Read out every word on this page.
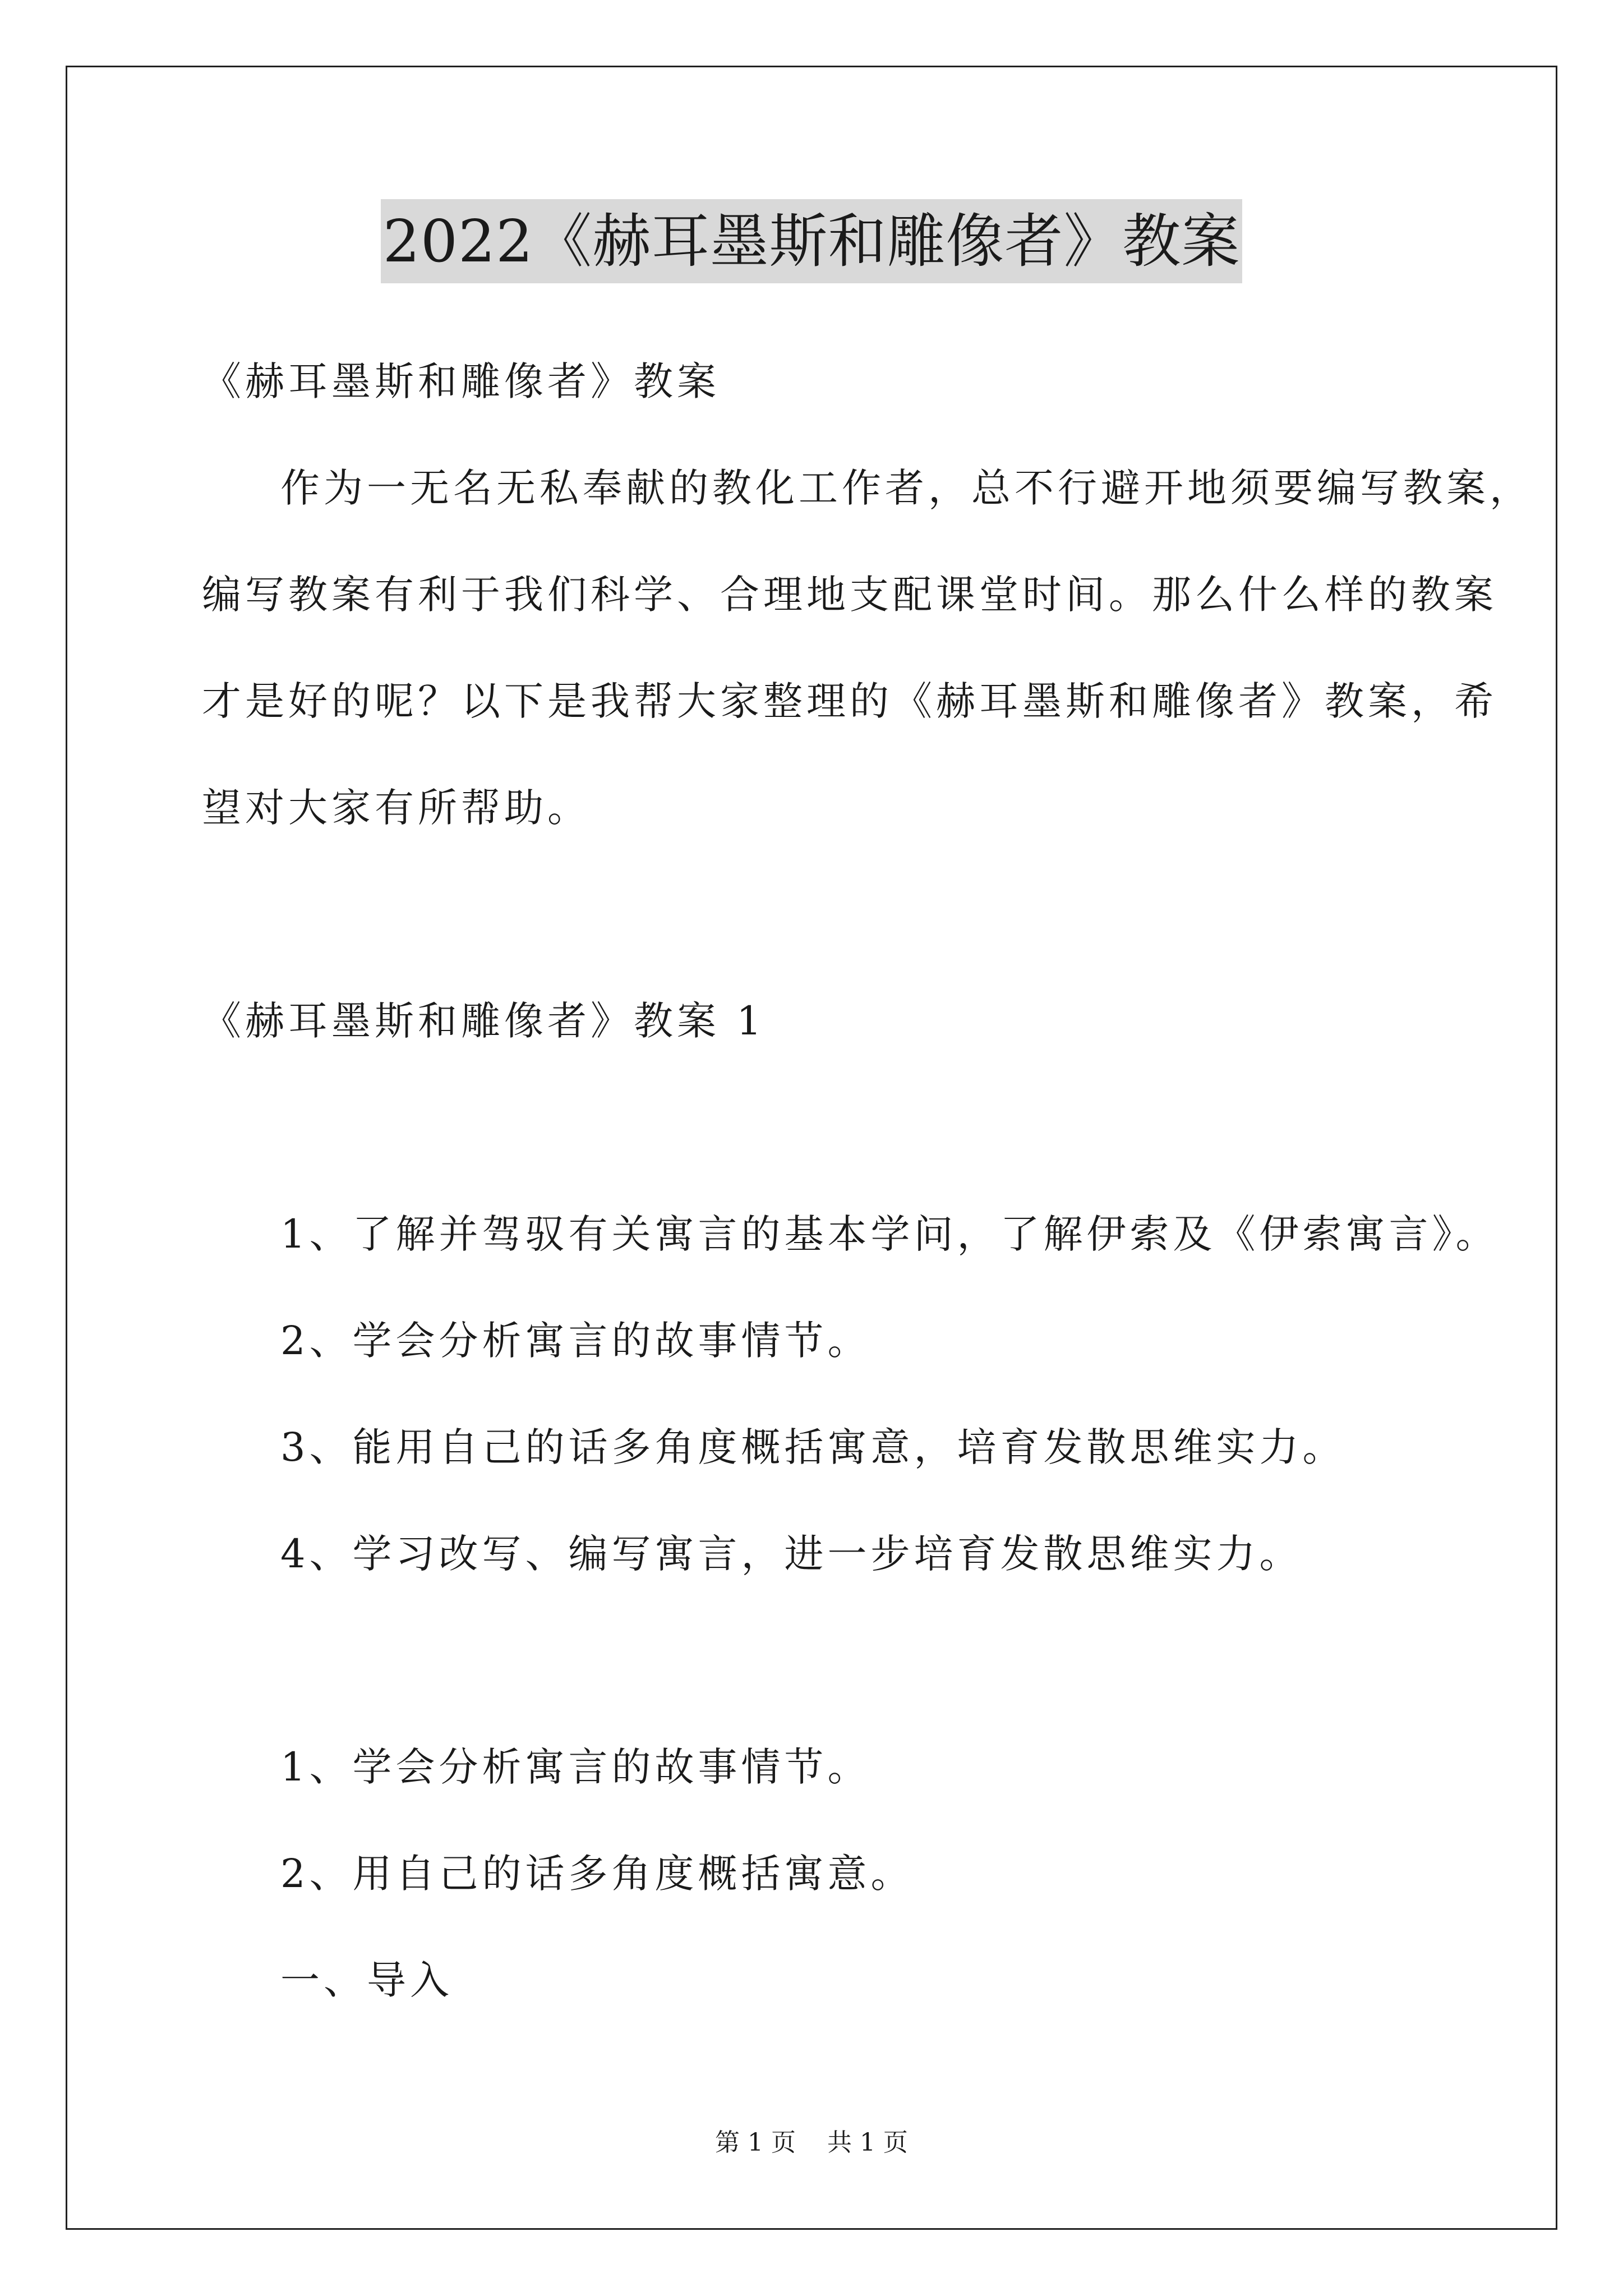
2022《赫耳墨斯和雕像者》教案
《赫耳墨斯和雕像者》教案
作为一无名无私奉献的教化工作者，总不行避开地须要编写教案，
编写教案有利于我们科学、合理地支配课堂时间。那么什么样的教案
才是好的呢？以下是我帮大家整理的《赫耳墨斯和雕像者》教案，希
望对大家有所帮助。
《赫耳墨斯和雕像者》教案 1
1、了解并驾驭有关寓言的基本学问，了解伊索及《伊索寓言》。
2、学会分析寓言的故事情节。
3、能用自己的话多角度概括寓意，培育发散思维实力。
4、学习改写、编写寓言，进一步培育发散思维实力。
1、学会分析寓言的故事情节。
2、用自己的话多角度概括寓意。
一、导入
第 1 页    共 1 页
